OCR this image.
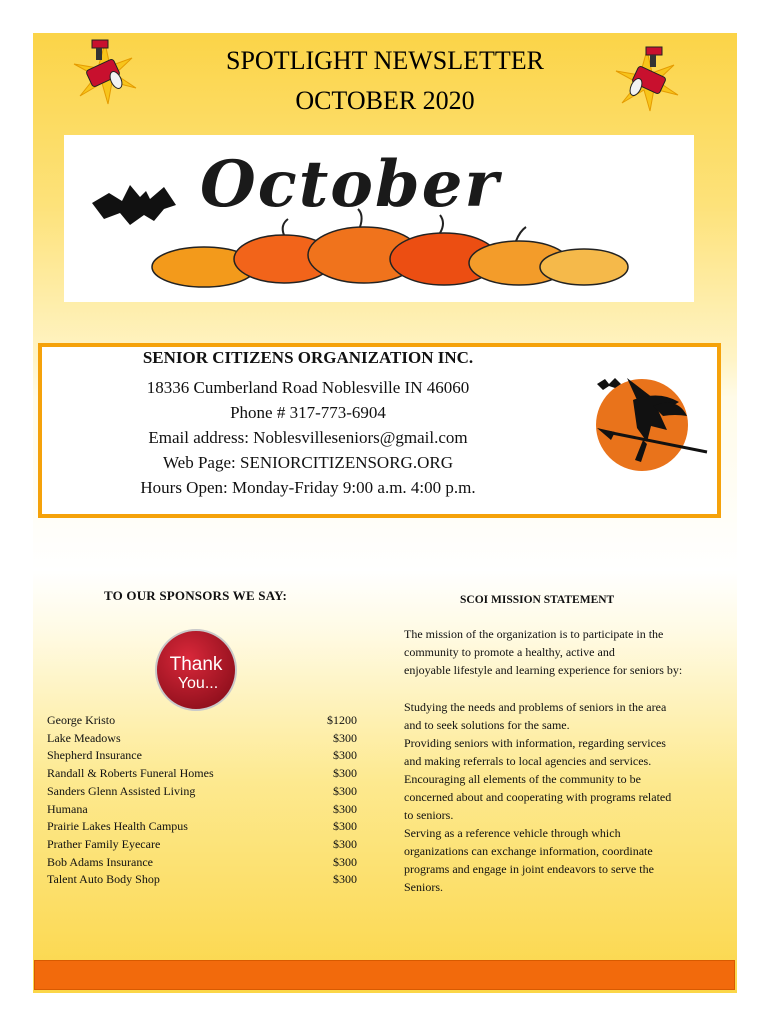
SPOTLIGHT NEWSLETTER
OCTOBER 2020
October
SENIOR CITIZENS ORGANIZATION INC.
18336 Cumberland Road Noblesville IN 46060
Phone # 317-773-6904
Email address: Noblesvilleseniors@gmail.com
Web Page: SENIORCITIZENSORG.ORG
Hours Open: Monday-Friday 9:00 a.m. 4:00 p.m.
TO OUR SPONSORS WE SAY:
Thank
You...
George Kristo	$1200
Lake Meadows	$300
Shepherd Insurance	$300
Randall & Roberts Funeral Homes	$300
Sanders Glenn Assisted Living	$300
Humana	$300
Prairie Lakes Health Campus	$300
Prather Family Eyecare	$300
Bob Adams Insurance	$300
Talent Auto Body Shop	$300
SCOI MISSION STATEMENT

The mission of the organization is to participate in the

community to promote a healthy, active and

enjoyable lifestyle and learning experience for seniors by:

Studying the needs and problems of seniors in the area

and to seek solutions for the same.

Providing seniors with information, regarding services

and making referrals to local agencies and services.

Encouraging all elements of the community to be

concerned about and cooperating with programs related

to seniors.

Serving as a reference vehicle through which

organizations can exchange information, coordinate

programs and engage in joint endeavors to serve the

Seniors.
